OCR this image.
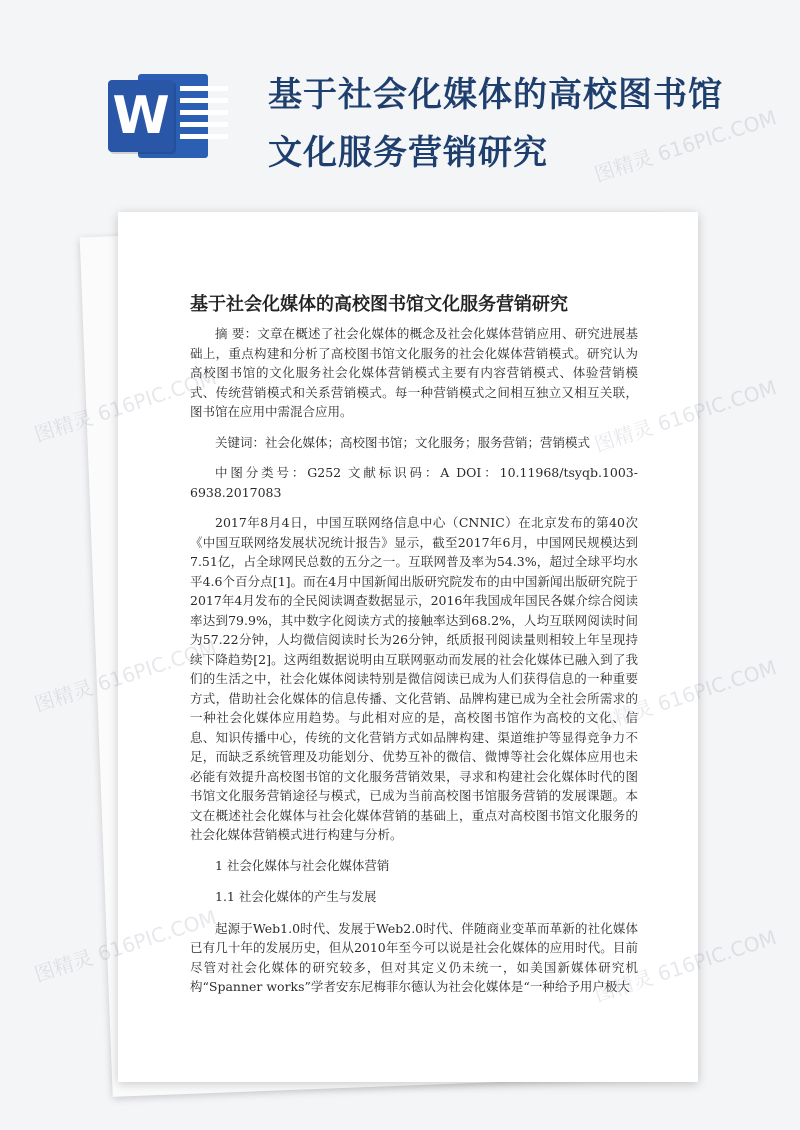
W	基于社会化媒体的高校图书馆
文化服务营销研究
基于社会化媒体的高校图书馆文化服务营销研究

摘 要：文章在概述了社会化媒体的概念及社会化媒体营销应用、研究进展基础上，重点构建和分析了高校图书馆文化服务的社会化媒体营销模式。研究认为高校图书馆的文化服务社会化媒体营销模式主要有内容营销模式、体验营销模式、传统营销模式和关系营销模式。每一种营销模式之间相互独立又相互关联，图书馆在应用中需混合应用。

关键词：社会化媒体；高校图书馆；文化服务；服务营销；营销模式

中图分类号：G252 文献标识码：A DOI：10.11968/tsyqb.1003-6938.2017083

2017年8月4日，中国互联网络信息中心（CNNIC）在北京发布的第40次《中国互联网络发展状况统计报告》显示，截至2017年6月，中国网民规模达到7.51亿，占全球网民总数的五分之一。互联网普及率为54.3%，超过全球平均水平4.6个百分点[1]。而在4月中国新闻出版研究院发布的由中国新闻出版研究院于2017年4月发布的全民阅读调查数据显示，2016年我国成年国民各媒介综合阅读率达到79.9%，其中数字化阅读方式的接触率达到68.2%，人均互联网阅读时间为57.22分钟，人均微信阅读时长为26分钟，纸质报刊阅读量则相较上年呈现持续下降趋势[2]。这两组数据说明由互联网驱动而发展的社会化媒体已融入到了我们的生活之中，社会化媒体阅读特别是微信阅读已成为人们获得信息的一种重要方式，借助社会化媒体的信息传播、文化营销、品牌构建已成为全社会所需求的一种社会化媒体应用趋势。与此相对应的是，高校图书馆作为高校的文化、信息、知识传播中心，传统的文化营销方式如品牌构建、渠道维护等显得竞争力不足，而缺乏系统管理及功能划分、优势互补的微信、微博等社会化媒体应用也未必能有效提升高校图书馆的文化服务营销效果，寻求和构建社会化媒体时代的图书馆文化服务营销途径与模式，已成为当前高校图书馆服务营销的发展课题。本文在概述社会化媒体与社会化媒体营销的基础上，重点对高校图书馆文化服务的社会化媒体营销模式进行构建与分析。

1 社会化媒体与社会化媒体营销
1.1 社会化媒体的产生与发展

起源于Web1.0时代、发展于Web2.0时代、伴随商业变革而革新的社化媒体已有几十年的发展历史，但从2010年至今可以说是社会化媒体的应用时代。目前尽管对社会化媒体的研究较多，但对其定义仍未统一，如美国新媒体研究机构“Spanner works”学者安东尼梅菲尔德认为社会化媒体是“一种给予用户极大

图精灵 616PIC.COM
图精灵	616PIC.COM
图精灵	616PIC.COM
图精灵	616PIC.COM
